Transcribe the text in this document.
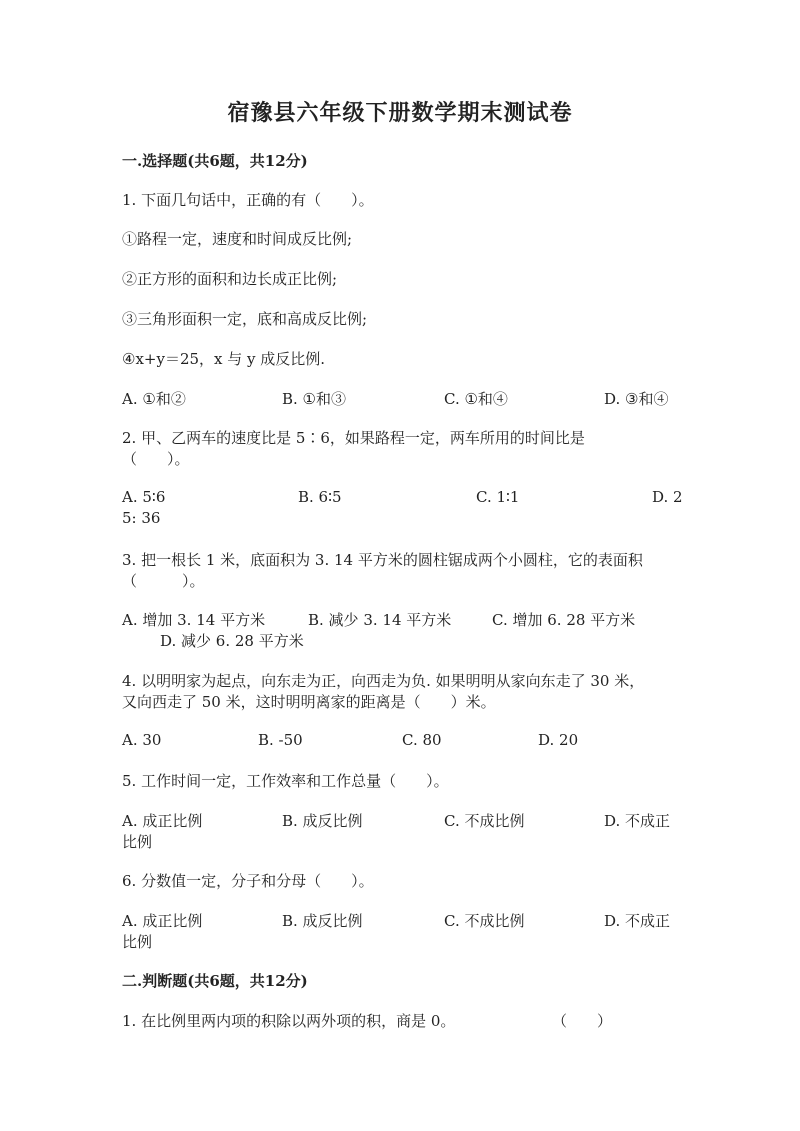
宿豫县六年级下册数学期末测试卷
一.选择题(共6题，共12分)
1. 下面几句话中，正确的有（　　）。
①路程一定，速度和时间成反比例;
②正方形的面积和边长成正比例;
③三角形面积一定，底和高成反比例;
④x+y＝25，x 与 y 成反比例.
A. ①和②	B. ①和③	C. ①和④	D. ③和④
2. 甲、乙两车的速度比是 5∶6，如果路程一定，两车所用的时间比是
（　　）。
A. 5∶6	B. 6∶5	C. 1∶1	D. 2
5: 36
3. 把一根长 1 米，底面积为 3. 14 平方米的圆柱锯成两个小圆柱，它的表面积
（　　　）。
A. 增加 3. 14 平方米	B. 减少 3. 14 平方米	C. 增加 6. 28 平方米
D. 减少 6. 28 平方米
4. 以明明家为起点，向东走为正，向西走为负. 如果明明从家向东走了 30 米，
又向西走了 50 米，这时明明离家的距离是（　　）米。
A. 30	B. -50	C. 80	D. 20
5. 工作时间一定，工作效率和工作总量（　　）。
A. 成正比例	B. 成反比例	C. 不成比例	D. 不成正
比例
6. 分数值一定，分子和分母（　　）。
A. 成正比例	B. 成反比例	C. 不成比例	D. 不成正
比例
二.判断题(共6题，共12分)
1. 在比例里两内项的积除以两外项的积，商是 0。	（　　）
